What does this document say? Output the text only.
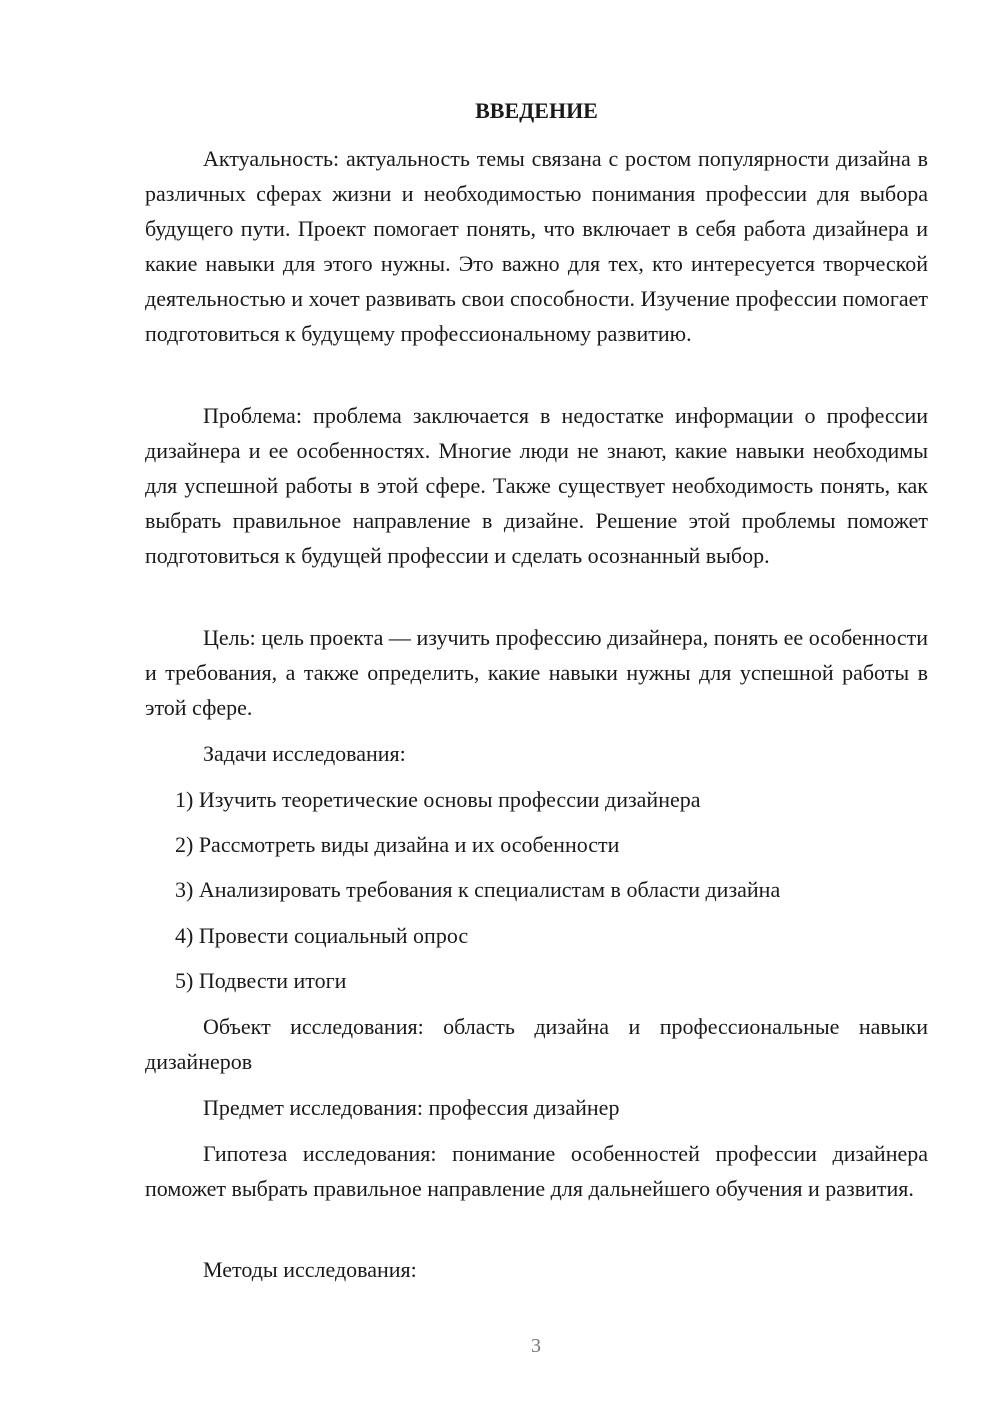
ВВЕДЕНИЕ

Актуальность: актуальность темы связана с ростом популярности дизайна в различных сферах жизни и необходимостью понимания профессии для выбора будущего пути. Проект помогает понять, что включает в себя работа дизайнера и какие навыки для этого нужны. Это важно для тех, кто интересуется творческой деятельностью и хочет развивать свои способности. Изучение профессии помогает подготовиться к будущему профессиональному развитию.

Проблема: проблема заключается в недостатке информации о профессии дизайнера и ее особенностях. Многие люди не знают, какие навыки необходимы для успешной работы в этой сфере. Также существует необходимость понять, как выбрать правильное направление в дизайне. Решение этой проблемы поможет подготовиться к будущей профессии и сделать осознанный выбор.

Цель: цель проекта — изучить профессию дизайнера, понять ее особенности и требования, а также определить, какие навыки нужны для успешной работы в этой сфере.

Задачи исследования:

1) Изучить теоретические основы профессии дизайнера

2) Рассмотреть виды дизайна и их особенности

3) Анализировать требования к специалистам в области дизайна

4) Провести социальный опрос

5) Подвести итоги

Объект исследования: область дизайна и профессиональные навыки дизайнеров

Предмет исследования: профессия дизайнер

Гипотеза исследования: понимание особенностей профессии дизайнера поможет выбрать правильное направление для дальнейшего обучения и развития.

Методы исследования:

3
